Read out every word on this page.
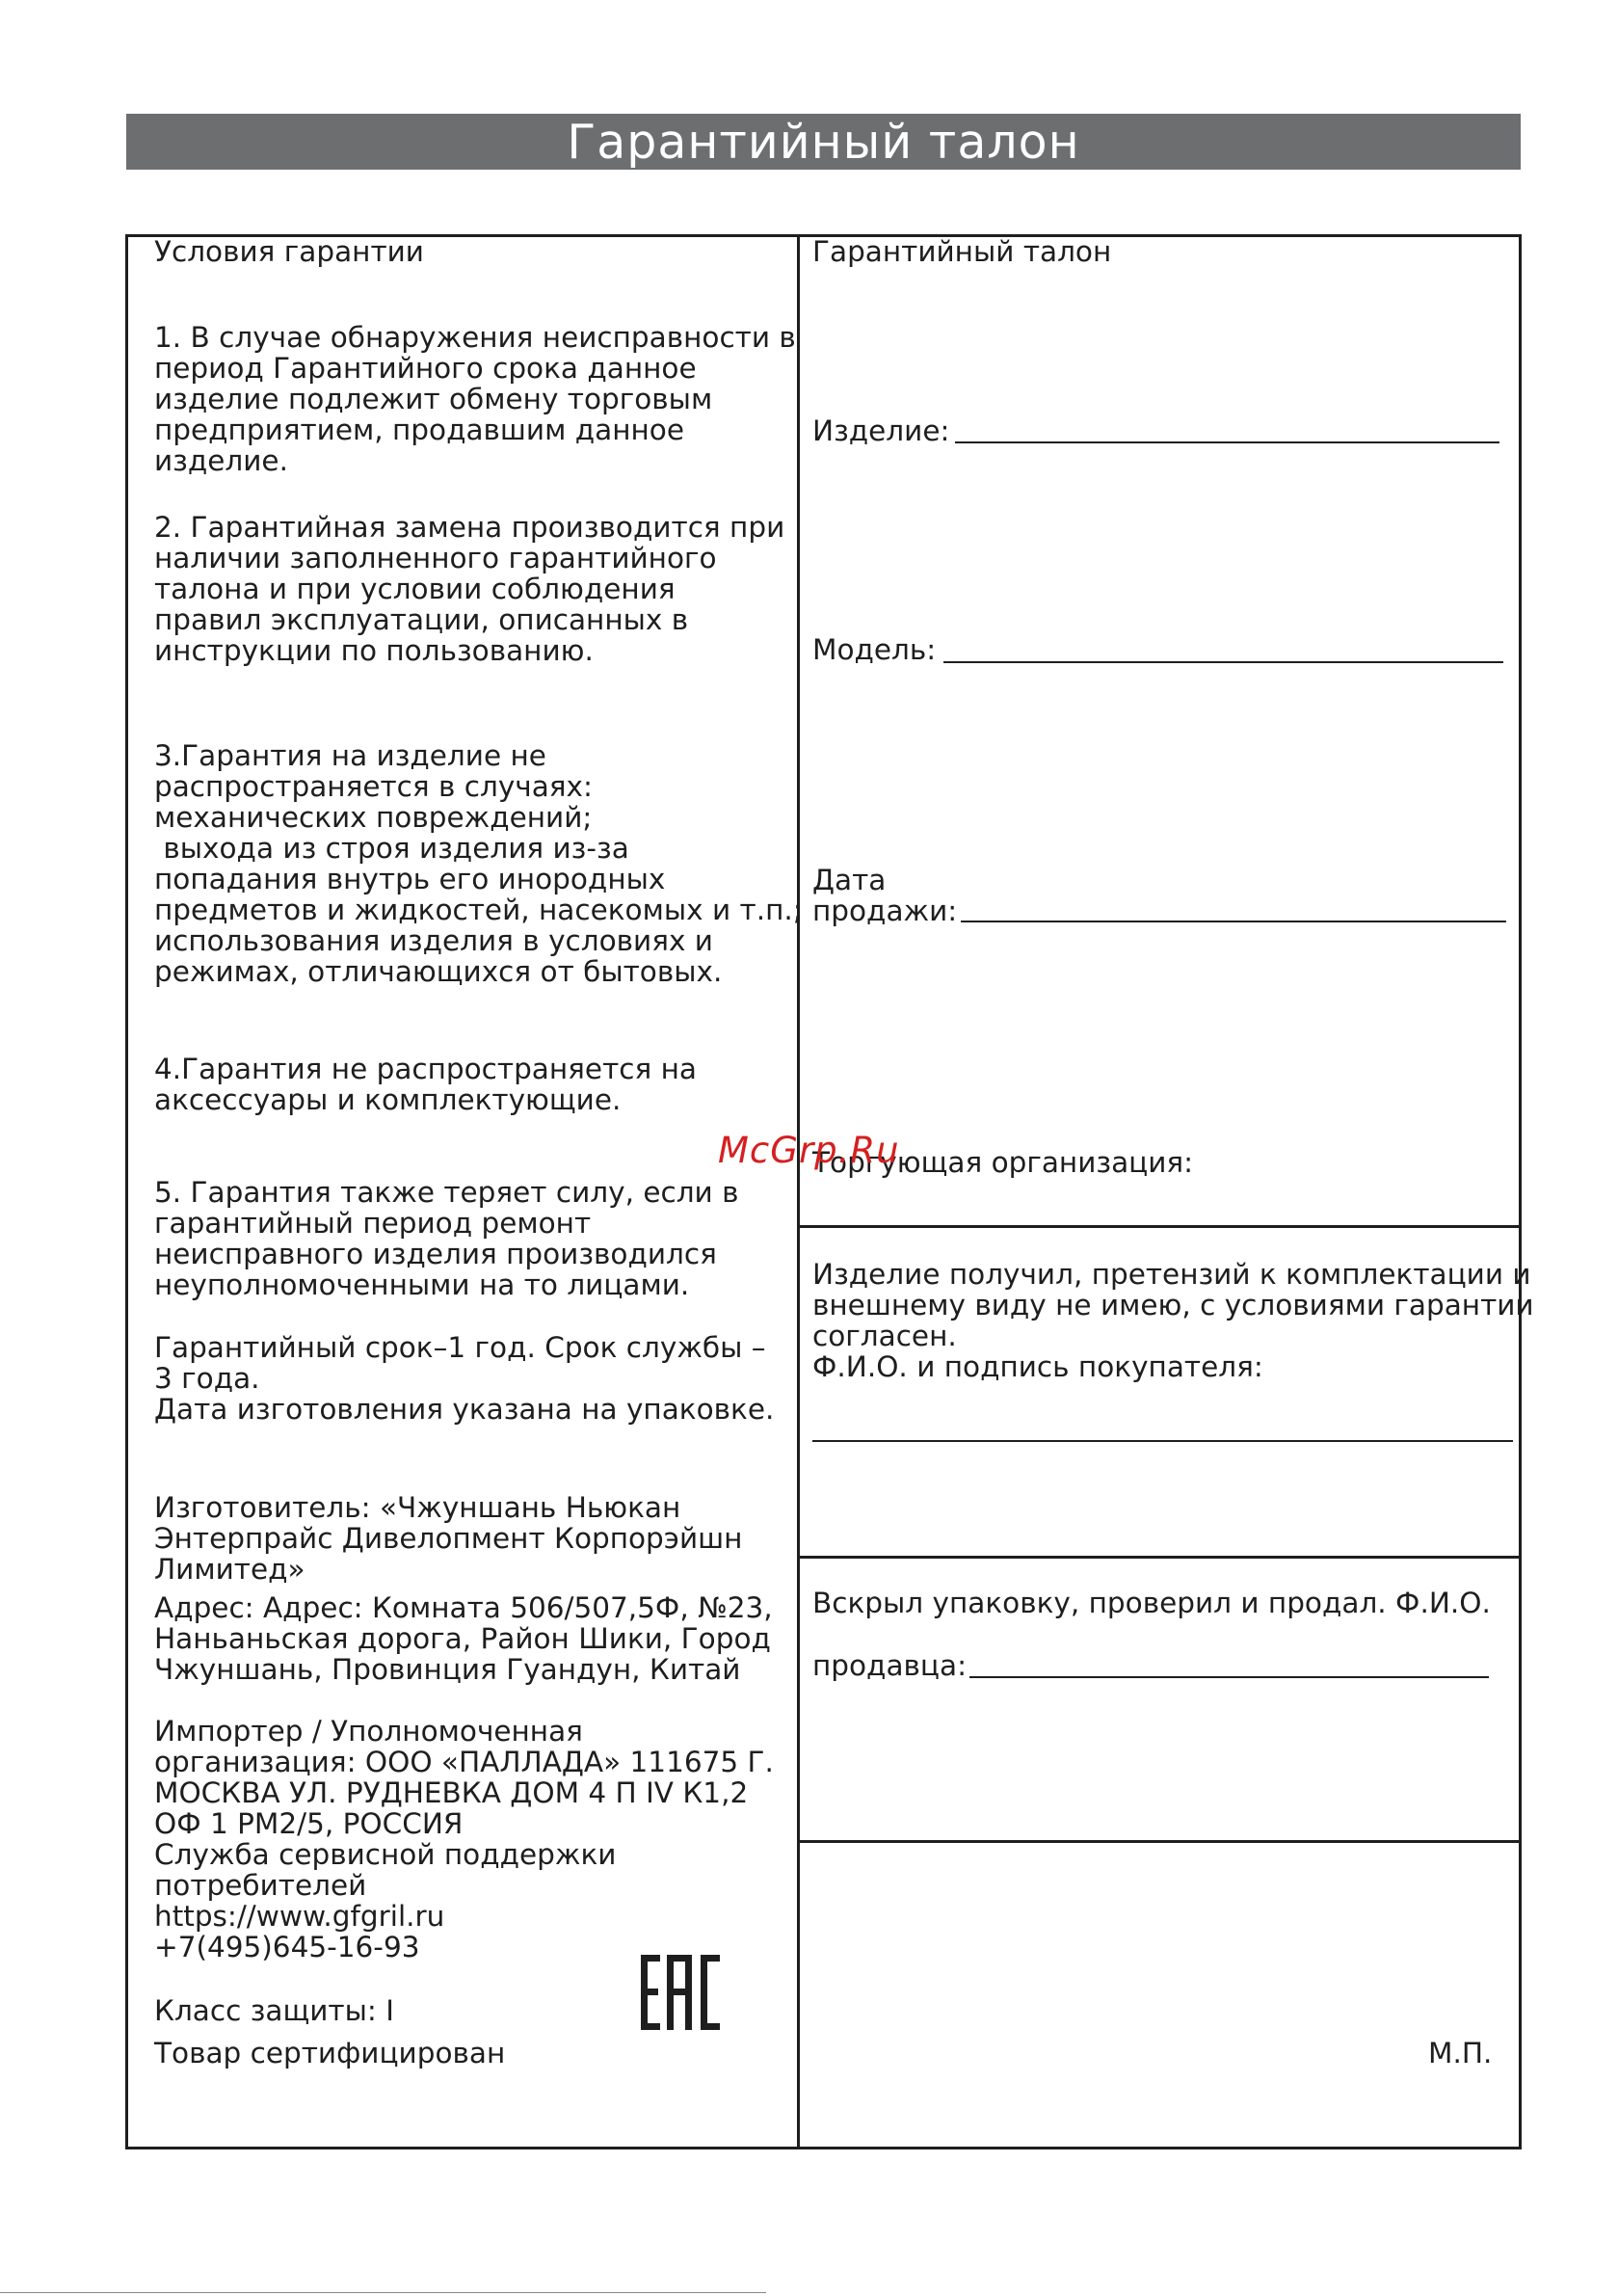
Гарантийный талон
Условия гарантии
1. В случае обнаружения неисправности в
период Гарантийного срока данное
изделие подлежит обмену торговым
предприятием, продавшим данное
изделие.
2. Гарантийная замена производится при
наличии заполненного гарантийного
талона и при условии соблюдения
правил эксплуатации, описанных в
инструкции по пользованию.
3.Гарантия на изделие не
распространяется в случаях:
механических повреждений;
выхода из строя изделия из-за
попадания внутрь его инородных
предметов и жидкостей, насекомых и т.п.;
использования изделия в условиях и
режимах, отличающихся от бытовых.
4.Гарантия не распространяется на
аксессуары и комплектующие.
5. Гарантия также теряет силу, если в
гарантийный период ремонт
неисправного изделия производился
неуполномоченными на то лицами.
Гарантийный срок–1 год. Срок службы –
3 года.
Дата изготовления указана на упаковке.
Изготовитель: «Чжуншань Ньюкан
Энтерпрайс Дивелопмент Корпорэйшн
Лимитед»
Адрес: Адрес: Комната 506/507,5Ф, №23,
Наньаньская дорога, Район Шики, Город
Чжуншань, Провинция Гуандун, Китай
Импортер / Уполномоченная
организация: ООО «ПАЛЛАДА» 111675 Г.
МОСКВА УЛ. РУДНЕВКА ДОМ 4 П IV К1,2
ОФ 1 РМ2/5, РОССИЯ
Служба сервисной поддержки
потребителей
https://www.gfgril.ru
+7(495)645-16-93
Класс защиты: I
Товар сертифицирован
Гарантийный талон
Изделие:
Модель:
Дата
продажи:
Торгующая организация:
Изделие получил, претензий к комплектации и
внешнему виду не имею, с условиями гарантии
согласен.
Ф.И.О. и подпись покупателя:
Вскрыл упаковку, проверил и продал. Ф.И.О.
продавца:
М.П.
McGrp.Ru
